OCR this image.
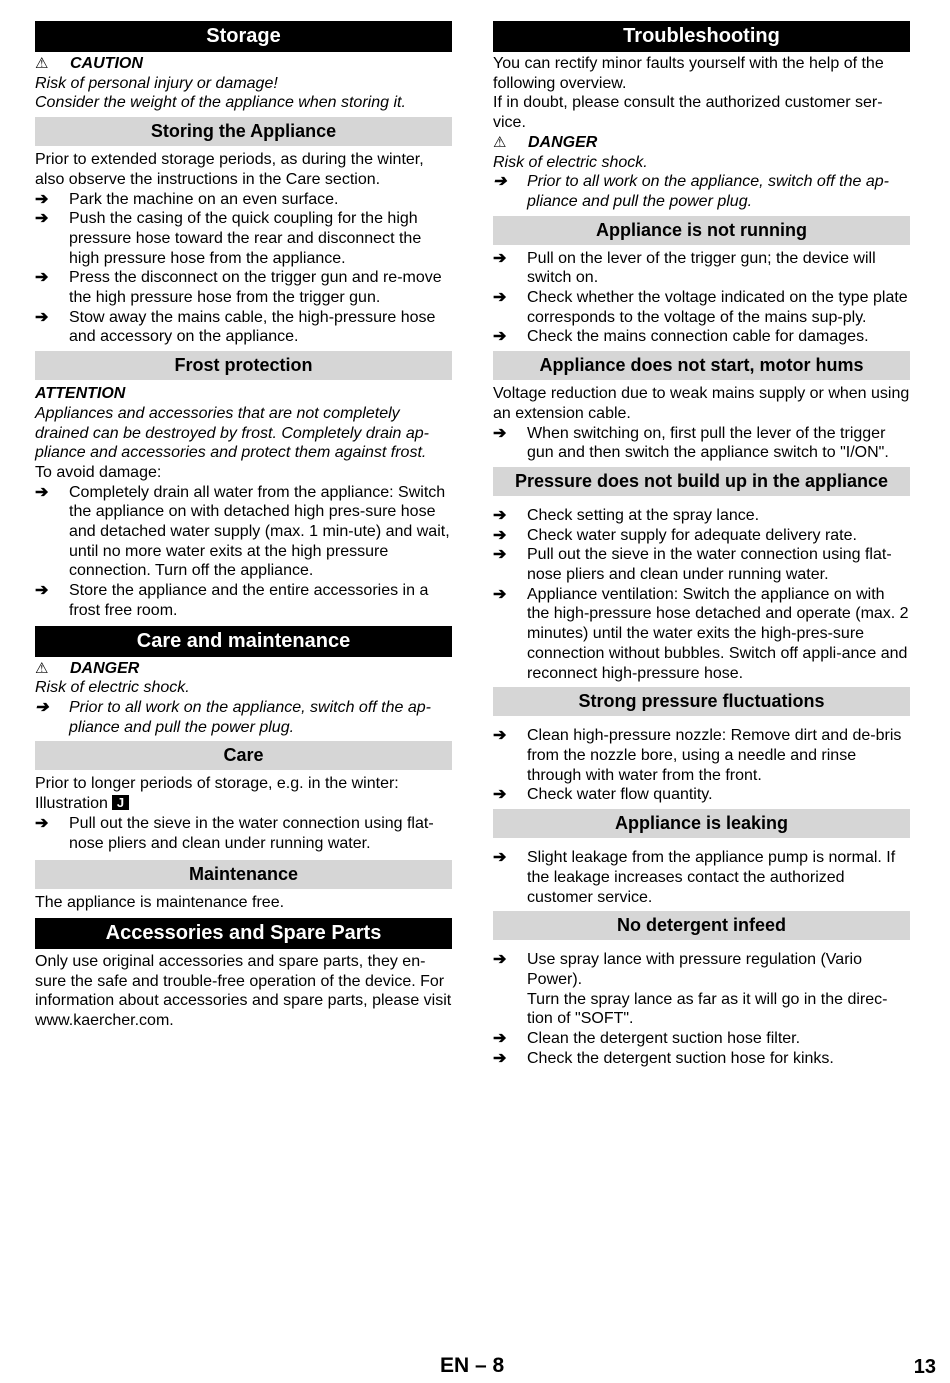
Storage
⚠	CAUTION

Risk of personal injury or damage!

Consider the weight of the appliance when storing it.

Storing the Appliance

Prior to extended storage periods, as during the winter, also observe the instructions in the Care section.

➔	Park the machine on an even surface.
➔	Push the casing of the quick coupling for the high pressure hose toward the rear and disconnect the high pressure hose from the appliance.
➔	Press the disconnect on the trigger gun and re-move the high pressure hose from the trigger gun.
➔	Stow away the mains cable, the high-pressure hose and accessory on the appliance.
Frost protection

ATTENTION

Appliances and accessories that are not completely drained can be destroyed by frost. Completely drain ap-pliance and accessories and protect them against frost.

To avoid damage:

➔	Completely drain all water from the appliance: Switch the appliance on with detached high pres-sure hose and detached water supply (max. 1 min-ute) and wait, until no more water exits at the high pressure connection. Turn off the appliance.
➔	Store the appliance and the entire accessories in a frost free room.
Care and maintenance
⚠	DANGER

Risk of electric shock.

➔	Prior to all work on the appliance, switch off the ap-pliance and pull the power plug.
Care

Prior to longer periods of storage, e.g. in the winter:

Illustration J

➔	Pull out the sieve in the water connection using flat-nose pliers and clean under running water.
Maintenance

The appliance is maintenance free.

Accessories and Spare Parts

Only use original accessories and spare parts, they en-sure the safe and trouble-free operation of the device. For information about accessories and spare parts, please visit www.kaercher.com.

Troubleshooting

You can rectify minor faults yourself with the help of the following overview.

If in doubt, please consult the authorized customer ser-vice.

⚠	DANGER

Risk of electric shock.

➔	Prior to all work on the appliance, switch off the ap-pliance and pull the power plug.
Appliance is not running
➔	Pull on the lever of the trigger gun; the device will switch on.
➔	Check whether the voltage indicated on the type plate corresponds to the voltage of the mains sup-ply.
➔	Check the mains connection cable for damages.
Appliance does not start, motor hums

Voltage reduction due to weak mains supply or when using an extension cable.

➔	When switching on, first pull the lever of the trigger gun and then switch the appliance switch to "I/ON".
Pressure does not build up in the appliance
➔	Check setting at the spray lance.
➔	Check water supply for adequate delivery rate.
➔	Pull out the sieve in the water connection using flat-nose pliers and clean under running water.
➔	Appliance ventilation: Switch the appliance on with the high-pressure hose detached and operate (max. 2 minutes) until the water exits the high-pres-sure connection without bubbles. Switch off appli-ance and reconnect high-pressure hose.
Strong pressure fluctuations
➔	Clean high-pressure nozzle: Remove dirt and de-bris from the nozzle bore, using a needle and rinse through with water from the front.
➔	Check water flow quantity.
Appliance is leaking
➔	Slight leakage from the appliance pump is normal. If the leakage increases contact the authorized customer service.
No detergent infeed
➔	Use spray lance with pressure regulation (Vario Power).

Turn the spray lance as far as it will go in the direc-tion of "SOFT".

➔	Clean the detergent suction hose filter.
➔	Check the detergent suction hose for kinks.
EN – 8	13
